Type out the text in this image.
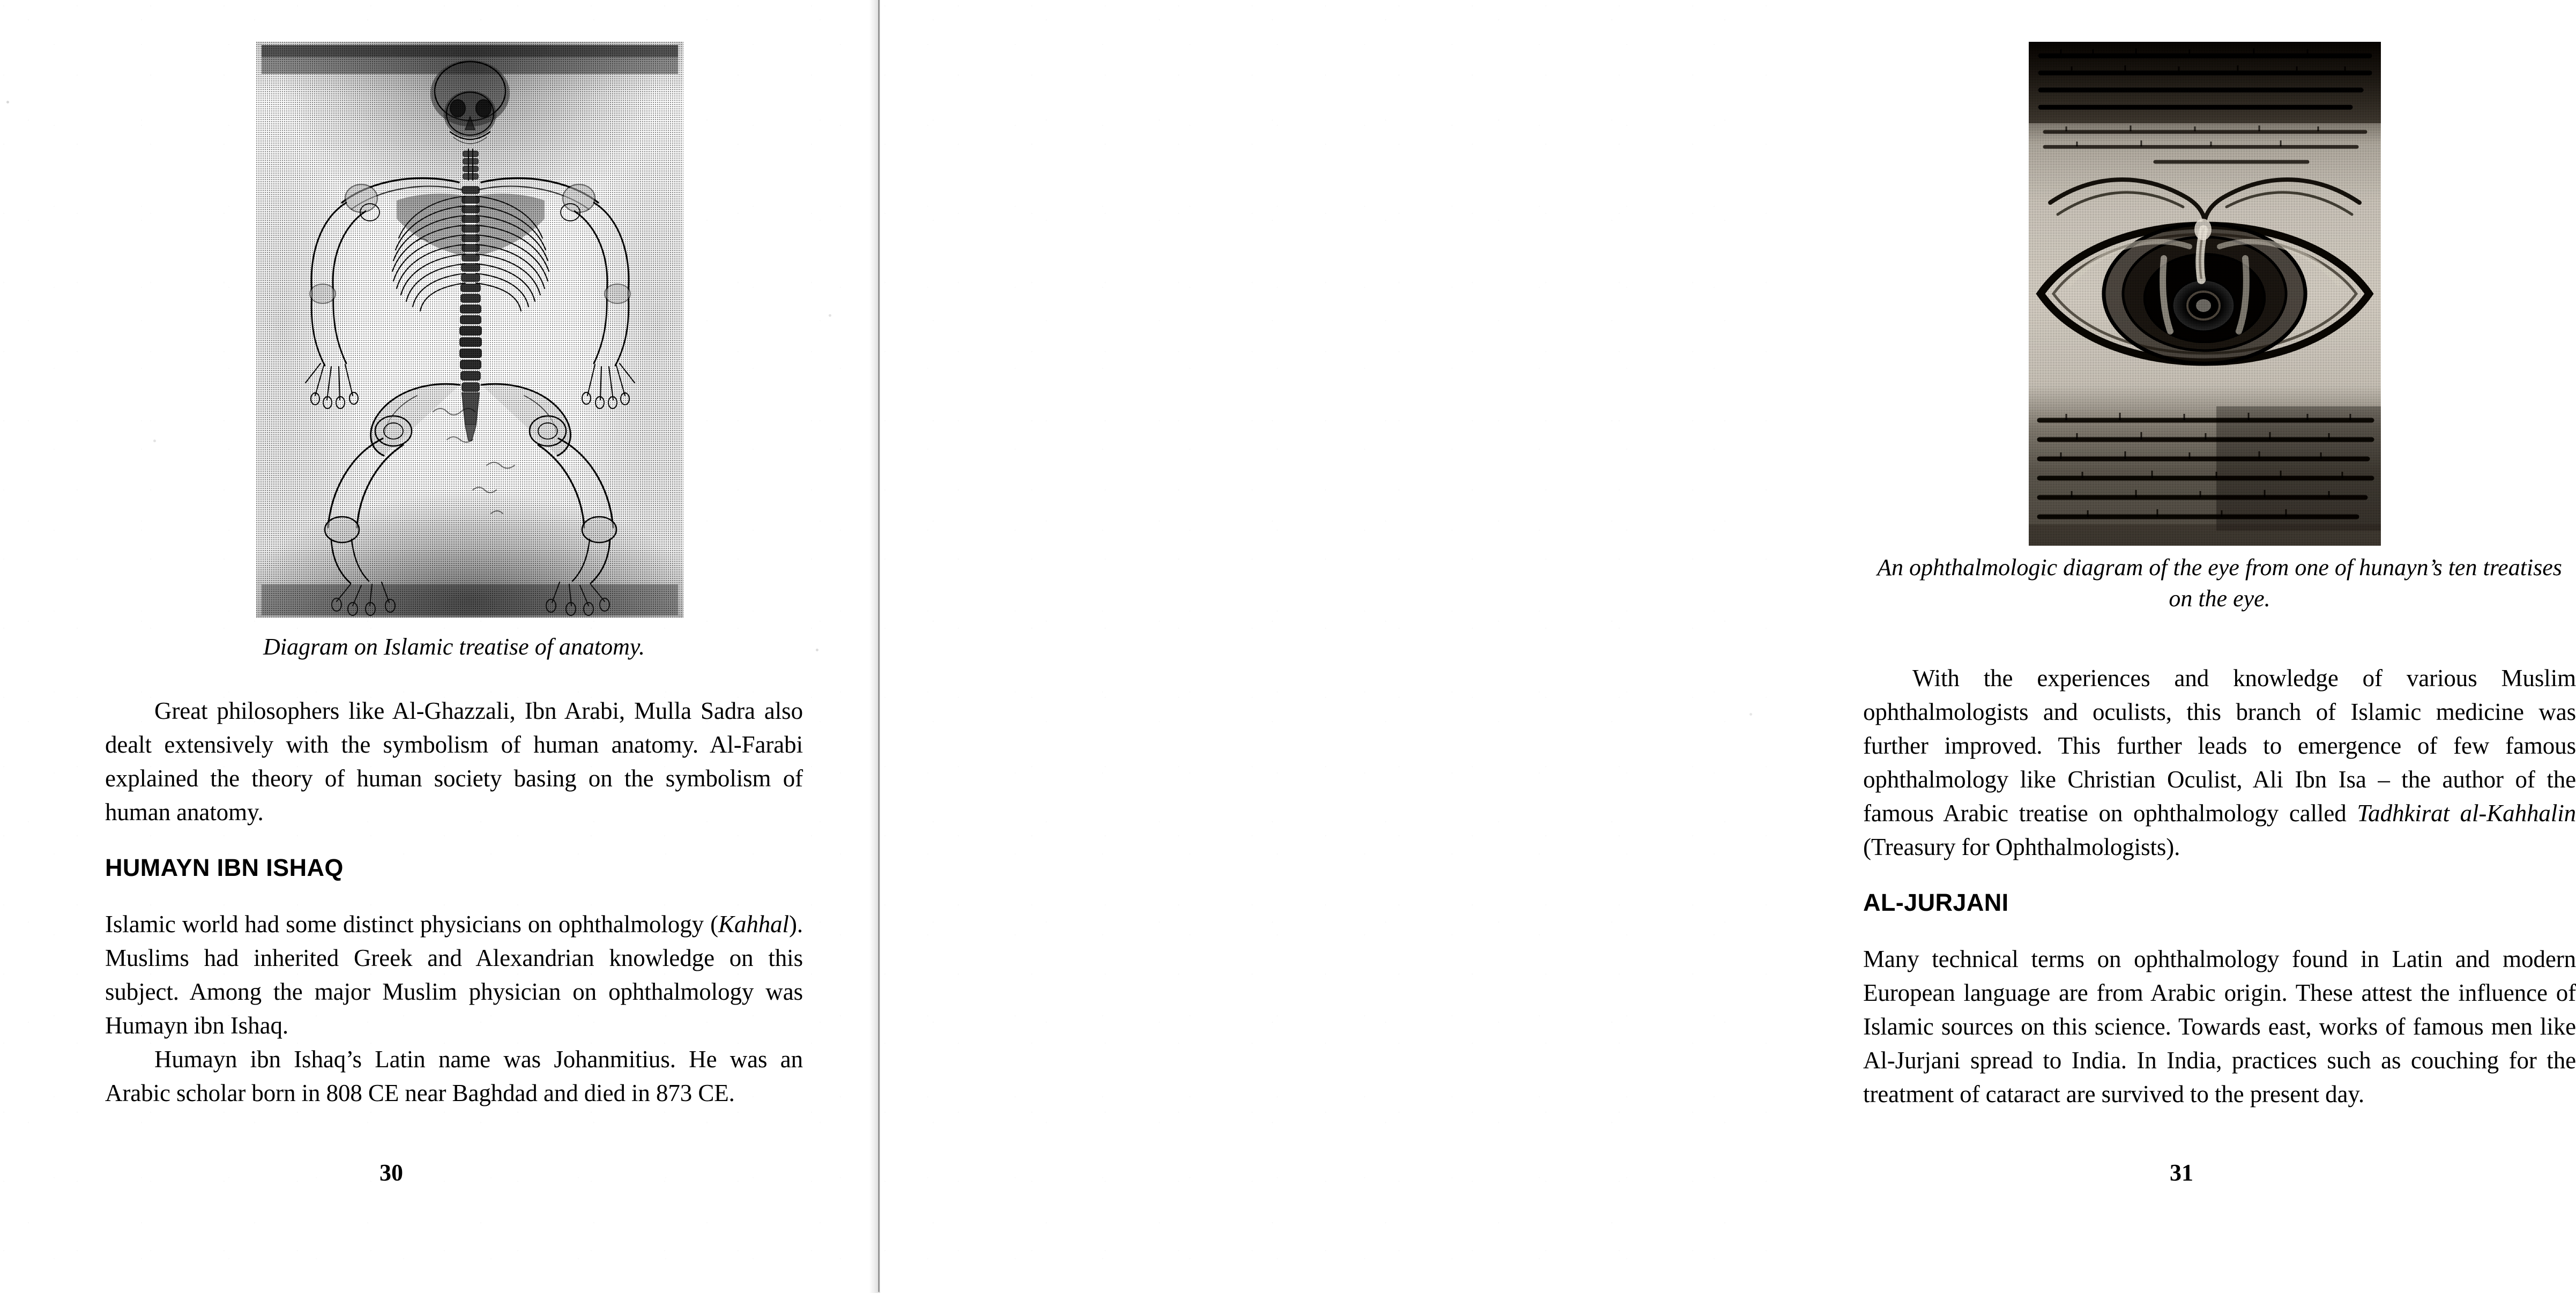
Diagram on Islamic treatise of anatomy.

Great philosophers like Al-Ghazzali, Ibn Arabi, Mulla Sadra also dealt extensively with the symbolism of human anatomy. Al-Farabi explained the theory of human society basing on the symbolism of human anatomy.

HUMAYN IBN ISHAQ

Islamic world had some distinct physicians on ophthalmology (Kahhal). Muslims had inherited Greek and Alexandrian knowledge on this subject. Among the major Muslim physician on ophthalmology was Humayn ibn Ishaq.

Humayn ibn Ishaq’s Latin name was Johanmitius. He was an Arabic scholar born in 808 CE near Baghdad and died in 873 CE.

30
An ophthalmologic diagram of the eye from one of hunayn’s ten treatises on the eye.

With the experiences and knowledge of various Muslim ophthalmologists and oculists, this branch of Islamic medicine was further improved. This further leads to emergence of few famous ophthalmology like Christian Oculist, Ali Ibn Isa – the author of the famous Arabic treatise on ophthalmology called Tadhkirat al-Kahhalin (Treasury for Ophthalmologists).

AL-JURJANI

Many technical terms on ophthalmology found in Latin and modern European language are from Arabic origin. These attest the influence of Islamic sources on this science. Towards east, works of famous men like Al-Jurjani spread to India. In India, practices such as couching for the treatment of cataract are survived to the present day.

31
